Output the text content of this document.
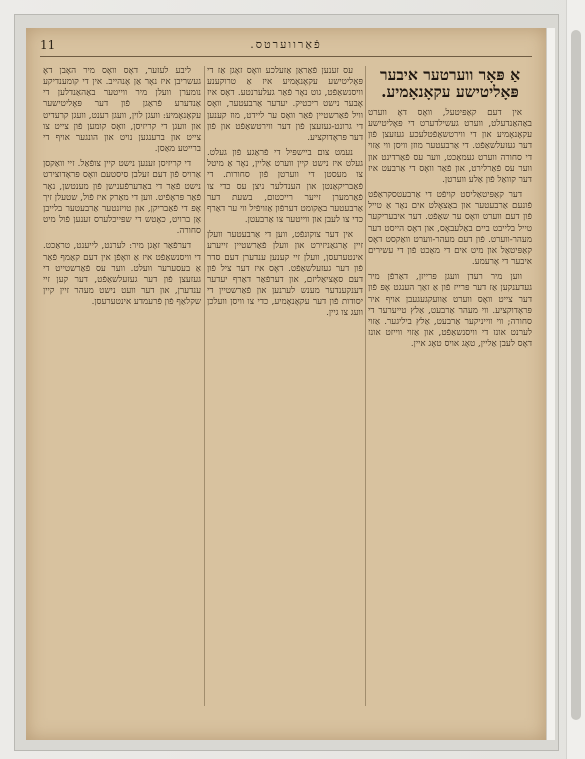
11	פֿאַרווערטס.
אַ פּאָר ווערטער איבער פּאָליטישע עקאָנאָמיע.

אין דעם קאַפּיטעל, וואָס דאָ ווערט באַהאַנדעלט, ווערט געשילדערט די פּאָליטישע עקאָנאָמיע און די ווירטשאַפֿטלעכע געזעצן פֿון דער געזעלשאַפֿט. די אַרבעטער מוזן וויסן ווי אַזוי די סחורה ווערט געמאַכט, ווער עס פֿאַרדינט און ווער עס פֿאַרלירט, און פֿאַר וואָס די אַרבעט איז דער קוואַל פֿון אַלע ווערטן.

דער קאַפּיטאַליסט קויפֿט די אַרבעטסקראַפֿט פֿונעם אַרבעטער און באַצאָלט אים נאָר אַ טייל פֿון דעם ווערט וואָס ער שאַפֿט. דער איבעריקער טייל בלייבט ביים באַלעבאָס, און דאָס הייסט דער מעהר-ווערט. פֿון דעם מעהר-ווערט וואַקסט דאָס קאַפּיטאַל און מיט אים די מאַכט פֿון די עשירים איבער די אָרעמע.

ווען מיר רעדן וועגן פּרייזן, דאַרפֿן מיר געדענקען אַז דער פּרייז פֿון אַ זאַך הענגט אָפּ פֿון דער צייט וואָס ווערט אַוועקגעגעבן אויף איר פּראָדוקציע. ווי מעהר אַרבעט, אַלץ טייערער די סחורה; ווי ווייניקער אַרבעט, אַלץ ביליגער. אַזוי לערנט אונז די וויסנשאַפֿט, און אַזוי ווייזט אונז דאָס לעבן אַליין, טאָג אויס טאָג איין.

עס זענען פֿאַראַן אַזעלכע וואָס זאָגן אַז די פּאָליטישע עקאָנאָמיע איז אַ טרוקענע וויסנשאַפֿט, גוט נאָר פֿאַר געלערנטע. דאָס איז אָבער נישט ריכטיק. יעדער אַרבעטער, וואָס וויל פֿאַרשטיין פֿאַר וואָס ער ליידט, מוז קענען די גרונט-געזעצן פֿון דער ווירטשאַפֿט און פֿון דער פּראָדוקציע.

נעמט צום ביישפּיל די פֿראַגע פֿון געלט. געלט איז נישט קיין ווערט אַליין, נאָר אַ מיטל צו מעסטן די ווערטן פֿון סחורות. די פֿאַבריקאַנטן און הענדלער ניצן עס כדי צו פֿאַרמערן זייער רייכטום, בשעת דער אַרבעטער באַקומט דערפֿון אַזויפֿיל ווי ער דאַרף כדי צו לעבן און ווייטער צו אַרבעטן.

אין דער צוקונפֿט, ווען די אַרבעטער וועלן זיין אָרגאַניזירט און וועלן פֿאַרשטיין זייערע אינטערעסן, וועלן זיי קענען ענדערן דעם סדר פֿון דער געזעלשאַפֿט. דאָס איז דער ציל פֿון דעם סאָציאַליזם, און דערפֿאַר דאַרף יעדער דענקענדער מענש לערנען און פֿאַרשטיין די יסודות פֿון דער עקאָנאָמיע, כדי צו וויסן וועלכן וועג צו גיין.

ליבע לעזער, דאָס וואָס מיר האָבן דאָ געשריבן איז נאָר אַן אָנהייב. אין די קומענדיקע נומערן וועלן מיר ווייטער באַהאַנדלען די אַנדערע פֿראַגן פֿון דער פּאָליטישער עקאָנאָמיע: וועגן לוין, וועגן רענט, וועגן קרעדיט און וועגן די קריזיסן, וואָס קומען פֿון צייט צו צייט און ברענגען נויט און הונגער אויף די ברייטע מאַסן.

די קריזיסן זענען נישט קיין צופֿאַל. זיי וואַקסן אַרויס פֿון דעם זעלבן סיסטעם וואָס פּראָדוצירט נישט פֿאַר די באַדערפֿענישן פֿון מענטשן, נאָר פֿאַר פּראָפֿיט. ווען די מאַרק איז פֿול, שטעלן זיך אָפּ די פֿאַבריקן, און טויזנטער אַרבעטער בלייבן אָן ברויט, כאָטש די שפּייכלערס זענען פֿול מיט סחורה.

דערפֿאַר זאָגן מיר: לערנט, לייענט, טראַכט. די וויסנשאַפֿט איז אַ וואָפֿן אין דעם קאַמף פֿאַר אַ בעסערער וועלט. ווער עס פֿאַרשטייט די געזעצן פֿון דער געזעלשאַפֿט, דער קען זיי ענדערן, און דער וועט נישט מעהר זיין קיין שקלאַף פֿון פֿרעמדע אינטערעסן.
